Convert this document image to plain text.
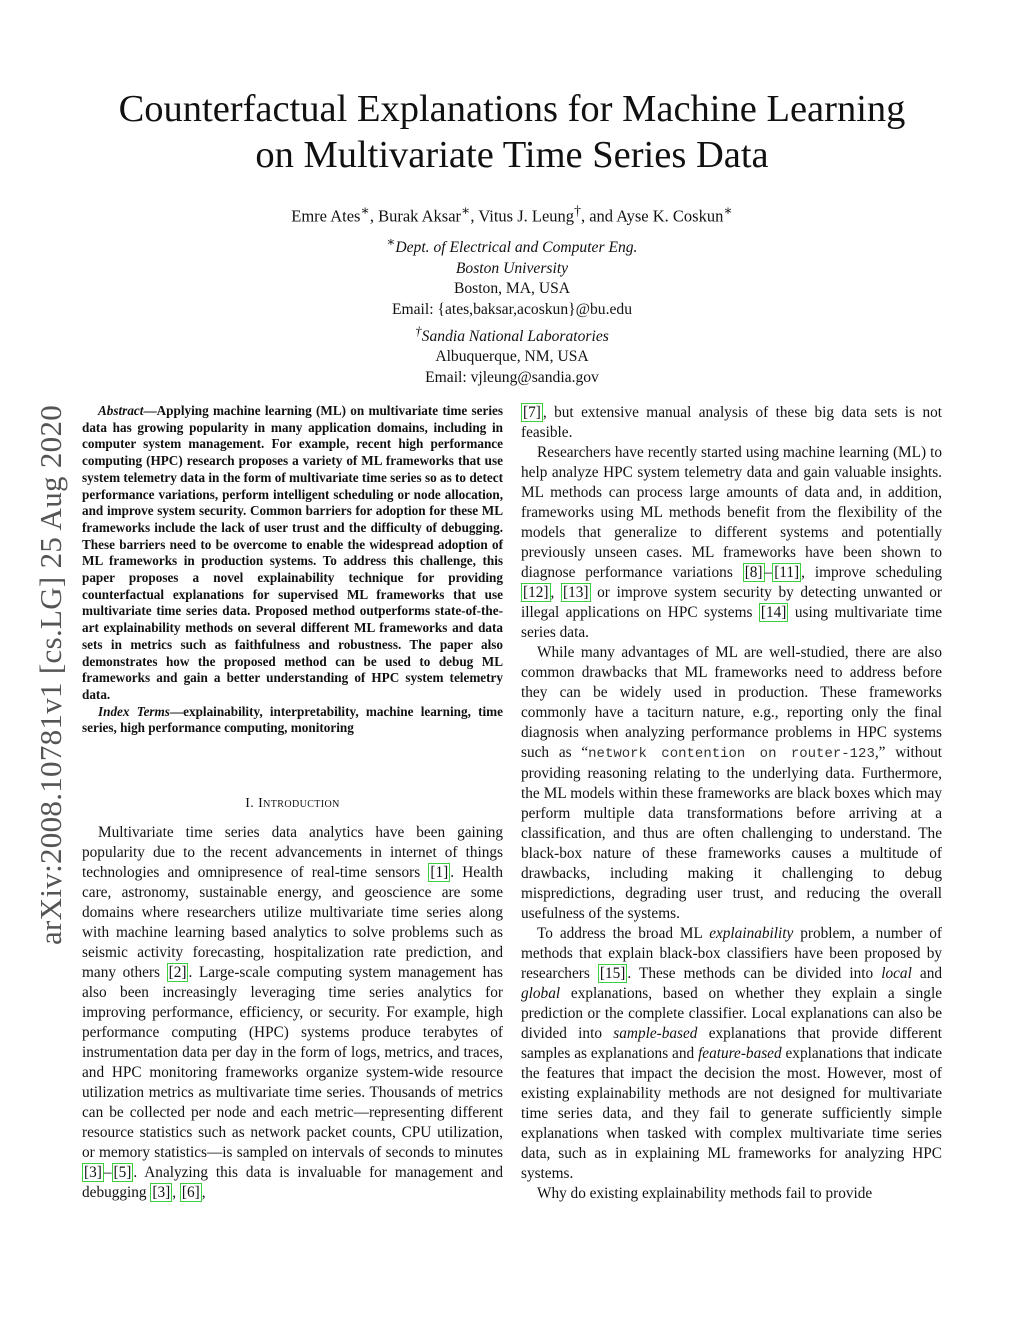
arXiv:2008.10781v1 [cs.LG] 25 Aug 2020
Counterfactual Explanations for Machine Learning
on Multivariate Time Series Data
Emre Ates∗, Burak Aksar∗, Vitus J. Leung†, and Ayse K. Coskun∗
∗Dept. of Electrical and Computer Eng.
Boston University
Boston, MA, USA
Email: {ates,baksar,acoskun}@bu.edu
†Sandia National Laboratories
Albuquerque, NM, USA
Email: vjleung@sandia.gov

Abstract—Applying machine learning (ML) on multivariate time series data has growing popularity in many application domains, including in computer system management. For example, recent high performance computing (HPC) research proposes a variety of ML frameworks that use system telemetry data in the form of multivariate time series so as to detect performance variations, perform intelligent scheduling or node allocation, and improve system security. Common barriers for adoption for these ML frameworks include the lack of user trust and the difficulty of debugging. These barriers need to be overcome to enable the widespread adoption of ML frameworks in production systems. To address this challenge, this paper proposes a novel explainability technique for providing counterfactual explanations for supervised ML frameworks that use multivariate time series data. Proposed method outperforms state-of-the-art explainability methods on several different ML frameworks and data sets in metrics such as faithfulness and robustness. The paper also demonstrates how the proposed method can be used to debug ML frameworks and gain a better understanding of HPC system telemetry data.

Index Terms—explainability, interpretability, machine learning, time series, high performance computing, monitoring

I. Introduction

Multivariate time series data analytics have been gaining popularity due to the recent advancements in internet of things technologies and omnipresence of real-time sensors [1] . Health care, astronomy, sustainable energy, and geoscience are some domains where researchers utilize multivariate time series along with machine learning based analytics to solve problems such as seismic activity forecasting, hospitalization rate prediction, and many others [2] . Large-scale computing system management has also been increasingly leveraging time series analytics for improving performance, efficiency, or security. For example, high performance computing (HPC) systems produce terabytes of instrumentation data per day in the form of logs, metrics, and traces, and HPC monitoring frameworks organize system-wide resource utilization metrics as multivariate time series. Thousands of metrics can be collected per node and each metric—representing different resource statistics such as network packet counts, CPU utilization, or memory statistics—is sampled on intervals of seconds to minutes [3] – [5] . Analyzing this data is invaluable for management and debugging [3] , [6] ,

[7] , but extensive manual analysis of these big data sets is not feasible.

Researchers have recently started using machine learning (ML) to help analyze HPC system telemetry data and gain valuable insights. ML methods can process large amounts of data and, in addition, frameworks using ML methods benefit from the flexibility of the models that generalize to different systems and potentially previously unseen cases. ML frameworks have been shown to diagnose performance variations [8] – [11] , improve scheduling [12] , [13] or improve system security by detecting unwanted or illegal applications on HPC systems [14] using multivariate time series data.

While many advantages of ML are well-studied, there are also common drawbacks that ML frameworks need to address before they can be widely used in production. These frameworks commonly have a taciturn nature, e.g., reporting only the final diagnosis when analyzing performance problems in HPC systems such as “network contention on router-123,” without providing reasoning relating to the underlying data. Furthermore, the ML models within these frameworks are black boxes which may perform multiple data transformations before arriving at a classification, and thus are often challenging to understand. The black-box nature of these frameworks causes a multitude of drawbacks, including making it challenging to debug mispredictions, degrading user trust, and reducing the overall usefulness of the systems.

To address the broad ML explainability problem, a number of methods that explain black-box classifiers have been proposed by researchers [15] . These methods can be divided into local and global explanations, based on whether they explain a single prediction or the complete classifier. Local explanations can also be divided into sample-based explanations that provide different samples as explanations and feature-based explanations that indicate the features that impact the decision the most. However, most of existing explainability methods are not designed for multivariate time series data, and they fail to generate sufficiently simple explanations when tasked with complex multivariate time series data, such as in explaining ML frameworks for analyzing HPC systems.

Why do existing explainability methods fail to provide
